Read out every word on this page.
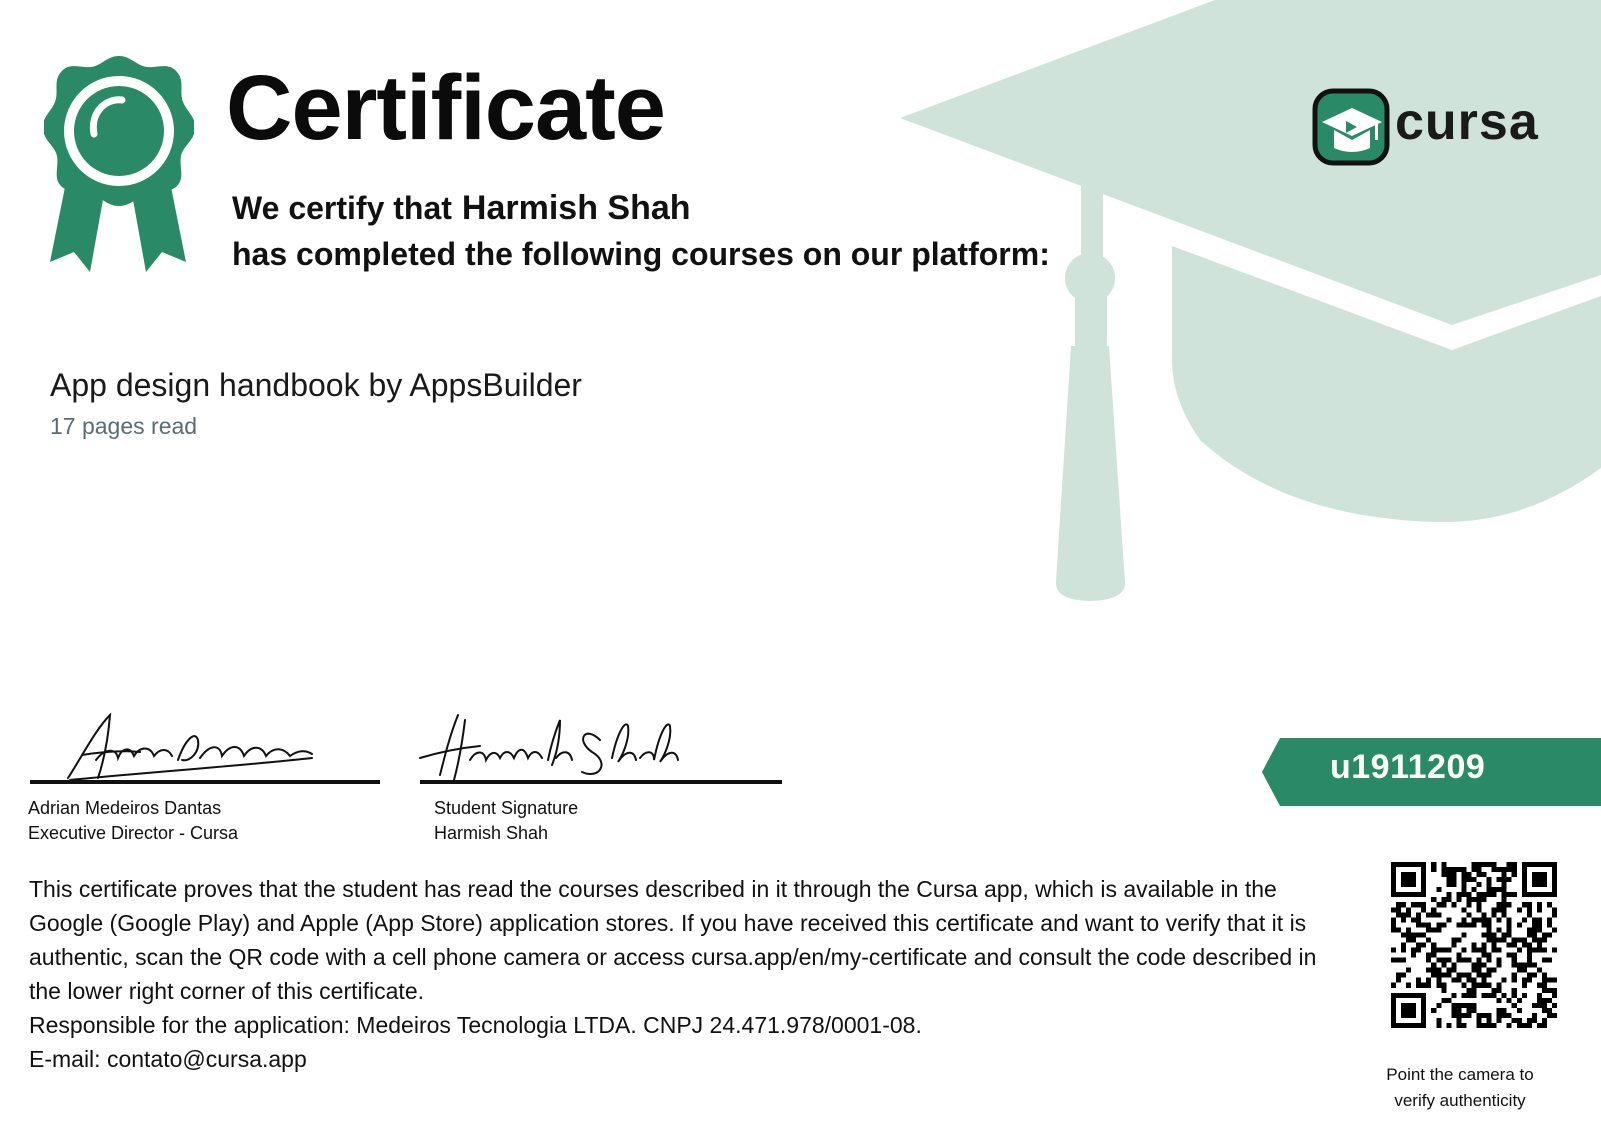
Certificate
We certify that Harmish Shah
has completed the following courses on our platform:
cursa
App design handbook by AppsBuilder
17 pages read
Adrian Medeiros Dantas
Executive Director - Cursa
Student Signature
Harmish Shah
u1911209

This certificate proves that the student has read the courses described in it through the Cursa app, which is available in the Google (Google Play) and Apple (App Store) application stores. If you have received this certificate and want to verify that it is authentic, scan the QR code with a cell phone camera or access cursa.app/en/my-certificate and consult the code described in the lower right corner of this certificate.

Responsible for the application: Medeiros Tecnologia LTDA. CNPJ 24.471.978/0001-08.

E-mail: contato@cursa.app

Point the camera to
verify authenticity
